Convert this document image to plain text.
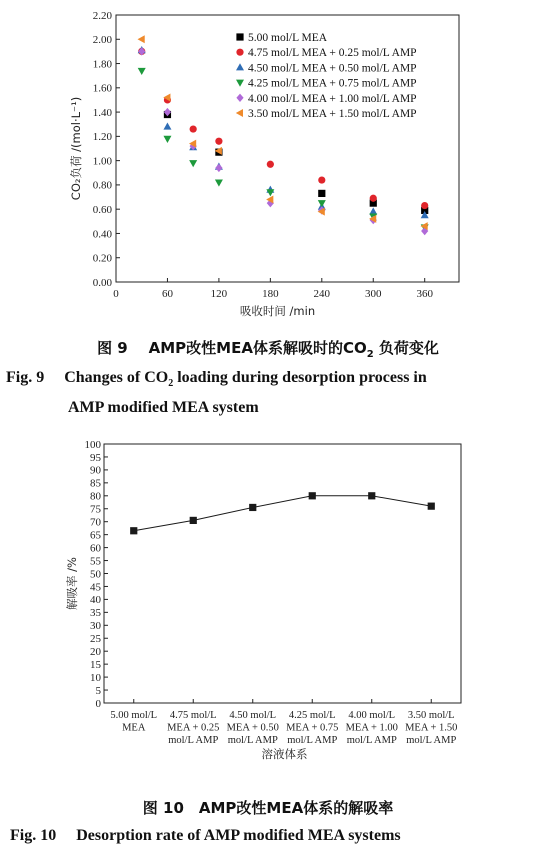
0.00
0.20
0.40
0.60
0.80
1.00
1.20
1.40
1.60
1.80
2.00
2.20
0	60	120	180	240	300	360
吸收时间 /min
CO₂负荷 /(mol·L⁻¹)
5.00 mol/L MEA
4.75 mol/L MEA + 0.25 mol/L AMP
4.50 mol/L MEA + 0.50 mol/L AMP
4.25 mol/L MEA + 0.75 mol/L AMP
4.00 mol/L MEA + 1.00 mol/L AMP
3.50 mol/L MEA + 1.50 mol/L AMP
0
5
10
15
20
25
30
35
40
45
50
55
60
65
70
75
80
85
90
95
100
5.00 mol/L
MEA
4.75 mol/L
MEA + 0.25
mol/L AMP
4.50 mol/L
MEA + 0.50
mol/L AMP
4.25 mol/L
MEA + 0.75
mol/L AMP
4.00 mol/L
MEA + 1.00
mol/L AMP
3.50 mol/L
MEA + 1.50
mol/L AMP
溶液体系
解吸率 /%
图 9 AMP改性MEA体系解吸时的$CO_2$ 负荷变化
Fig. 9 Changes of $CO_2$ loading during desorption process in
AMP modified MEA system
图 10　AMP改性MEA体系的解吸率
Fig. 10 Desorption rate of AMP modified MEA systems
